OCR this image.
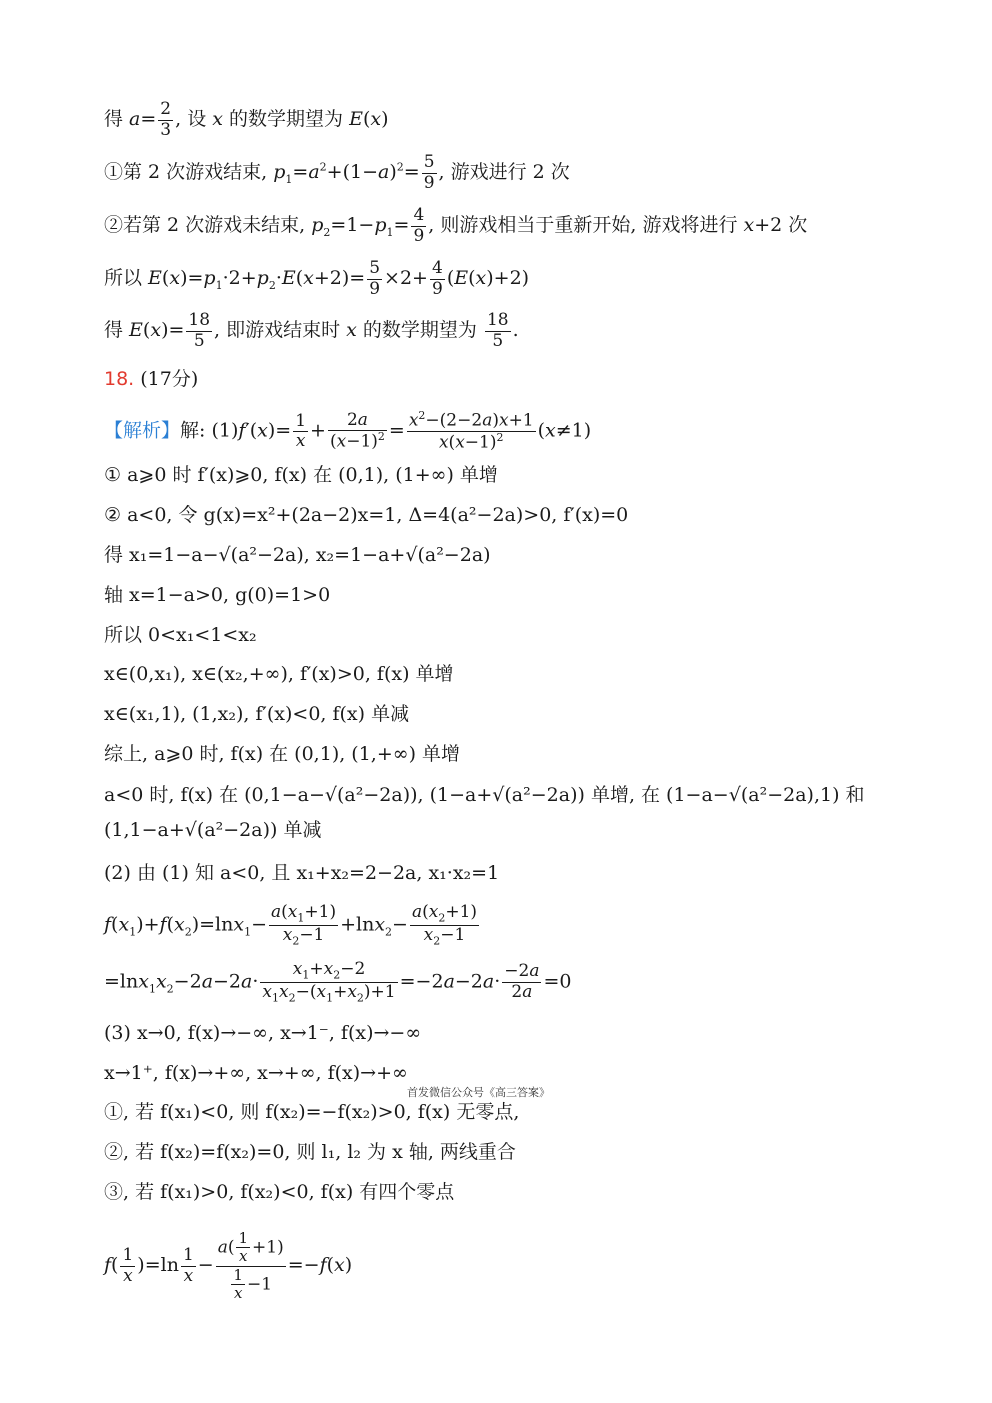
得 $a= \frac{2}{3}$ , 设 x 的数学期望为 E(x)
①第 2 次游戏结束, $p_1=a^2+(1-a)^2= \frac{5}{9}$ , 游戏进行 2 次
②若第 2 次游戏未结束, $p_2=1-p_1= \frac{4}{9}$ , 则游戏相当于重新开始, 游戏将进行 x+2 次
所以 $E(x)=p_1\cdot 2+p_2\cdot E(x+2)= \frac{5}{9} \times 2+ \frac{4}{9} (E(x)+2)$
得 $E(x)= \frac{18}{5}$ , 即游戏结束时 x 的数学期望为 $\frac{18}{5}$ .
18. (17分)
【解析】解: $(1)f'(x)= \frac{1}{x} + \frac{2a}{(x-1)^2} = \frac{x^2-(2-2a)x+1}{x(x-1)^2} (x\ne 1)$
① a⩾0 时 f′(x)⩾0, f(x) 在 (0,1), (1+∞) 单增
② a<0, 令 g(x)=x²+(2a−2)x=1, Δ=4(a²−2a)>0, f′(x)=0
得 x₁=1−a−√(a²−2a), x₂=1−a+√(a²−2a)
轴 x=1−a>0, g(0)=1>0
所以 0<x₁<1<x₂
x∈(0,x₁), x∈(x₂,+∞), f′(x)>0, f(x) 单增
x∈(x₁,1), (1,x₂), f′(x)<0, f(x) 单减
综上, a⩾0 时, f(x) 在 (0,1), (1,+∞) 单增
a<0 时, f(x) 在 (0,1−a−√(a²−2a)), (1−a+√(a²−2a)) 单增, 在 (1−a−√(a²−2a),1) 和
(1,1−a+√(a²−2a)) 单减
(2) 由 (1) 知 a<0, 且 x₁+x₂=2−2a, x₁·x₂=1
$f(x_1)+f(x_2)=\ln x_1- \frac{a(x_1+1)}{x_2-1} +\ln x_2- \frac{a(x_2+1)}{x_2-1}$
$=\ln x_1x_2-2a-2a\cdot \frac{x_1+x_2-2}{x_1x_2-(x_1+x_2)+1} =-2a-2a\cdot \frac{-2a}{2a} =0$
(3) x→0, f(x)→−∞, x→1⁻, f(x)→−∞
x→1⁺, f(x)→+∞, x→+∞, f(x)→+∞
首发微信公众号《高三答案》
①, 若 f(x₁)<0, 则 f(x₂)=−f(x₂)>0, f(x) 无零点,
②, 若 f(x₂)=f(x₂)=0, 则 l₁, l₂ 为 x 轴, 两线重合
③, 若 f(x₁)>0, f(x₂)<0, f(x) 有四个零点
$f( \frac{1}{x} )=\ln \frac{1}{x} - \frac{a( \frac{1}{x} +1)}{\frac{1}{x} -1} =-f(x)$
